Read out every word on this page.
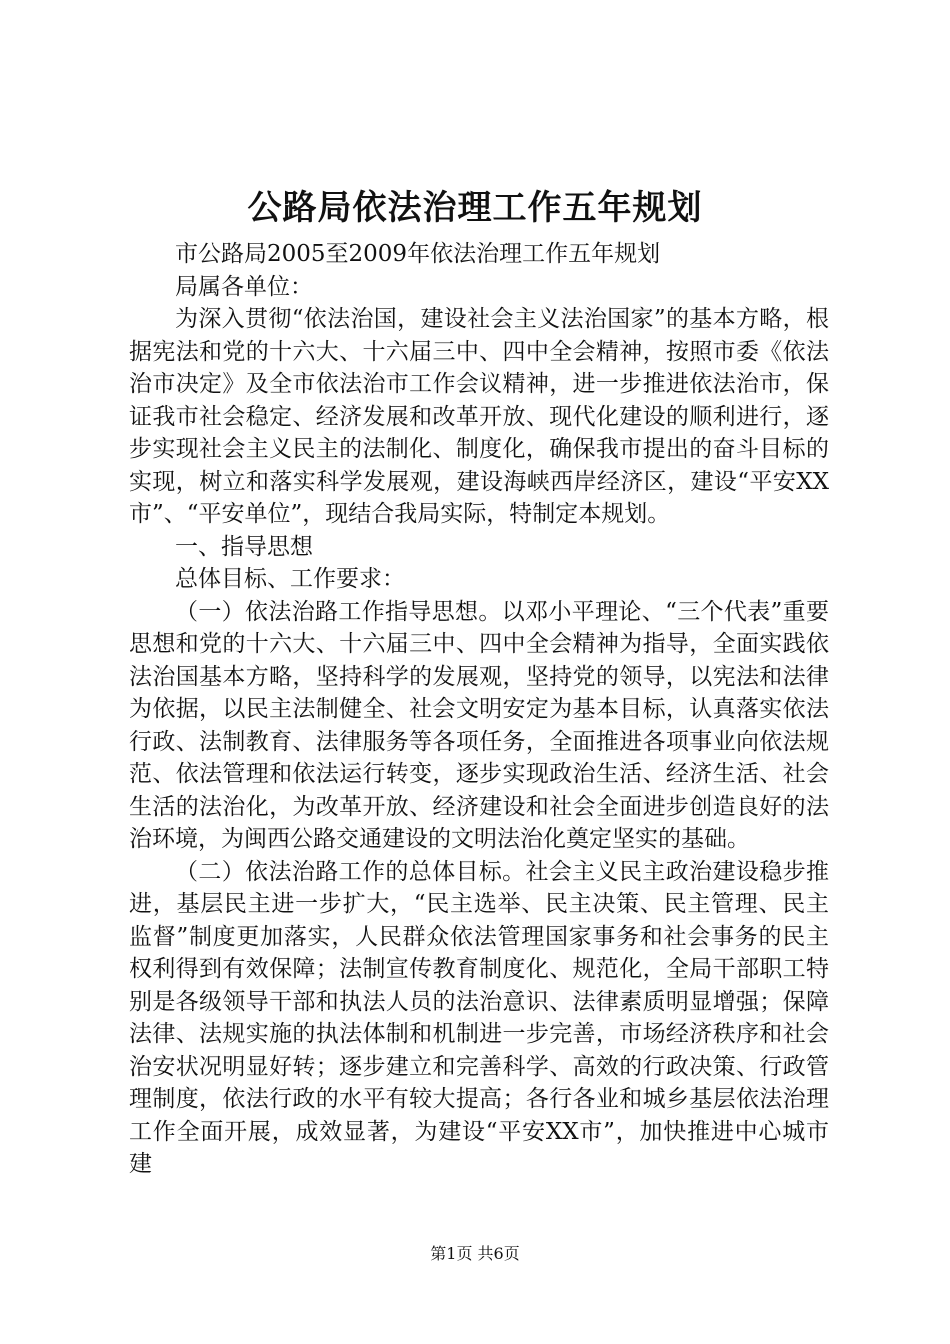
公路局依法治理工作五年规划

市公路局2005至2009年依法治理工作五年规划

局属各单位：

为深入贯彻“依法治国，建设社会主义法治国家”的基本方略，根据宪法和党的十六大、十六届三中、四中全会精神，按照市委《依法治市决定》及全市依法治市工作会议精神，进一步推进依法治市，保证我市社会稳定、经济发展和改革开放、现代化建设的顺利进行，逐步实现社会主义民主的法制化、制度化，确保我市提出的奋斗目标的实现，树立和落实科学发展观，建设海峡西岸经济区，建设“平安XX市”、“平安单位”，现结合我局实际，特制定本规划。

一、指导思想

总体目标、工作要求：

（一）依法治路工作指导思想。以邓小平理论、“三个代表”重要思想和党的十六大、十六届三中、四中全会精神为指导，全面实践依法治国基本方略，坚持科学的发展观，坚持党的领导，以宪法和法律为依据，以民主法制健全、社会文明安定为基本目标，认真落实依法行政、法制教育、法律服务等各项任务，全面推进各项事业向依法规范、依法管理和依法运行转变，逐步实现政治生活、经济生活、社会生活的法治化，为改革开放、经济建设和社会全面进步创造良好的法治环境，为闽西公路交通建设的文明法治化奠定坚实的基础。

（二）依法治路工作的总体目标。社会主义民主政治建设稳步推进，基层民主进一步扩大，“民主选举、民主决策、民主管理、民主监督”制度更加落实，人民群众依法管理国家事务和社会事务的民主权利得到有效保障；法制宣传教育制度化、规范化，全局干部职工特别是各级领导干部和执法人员的法治意识、法律素质明显增强；保障法律、法规实施的执法体制和机制进一步完善，市场经济秩序和社会治安状况明显好转；逐步建立和完善科学、高效的行政决策、行政管理制度，依法行政的水平有较大提高；各行各业和城乡基层依法治理工作全面开展，成效显著，为建设“平安XX市”，加快推进中心城市建

第1页 共6页
